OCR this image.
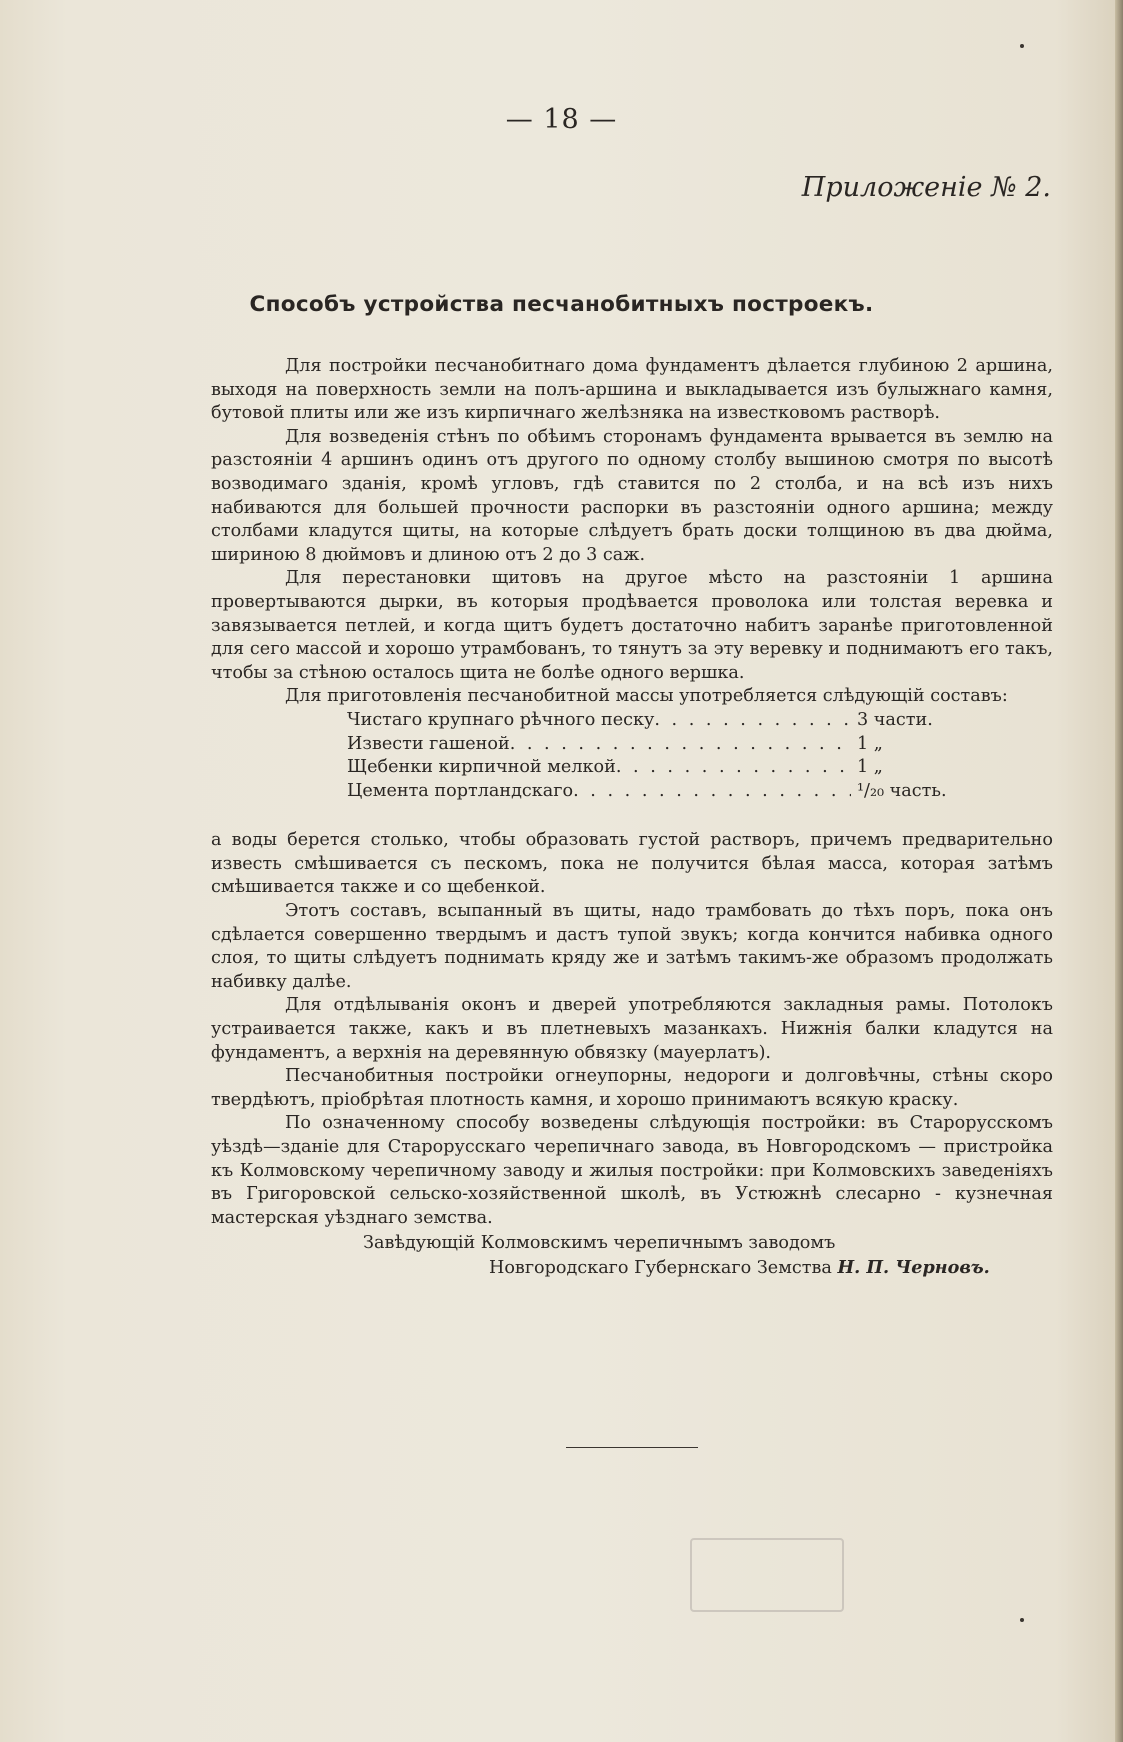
— 18 —
Приложеніе № 2.
Способъ устройства песчанобитныхъ построекъ.

Для постройки песчанобитнаго дома фундаментъ дѣлается глубиною 2 аршина, выходя на поверхность земли на полъ-аршина и выкладывается изъ булыжнаго камня, бутовой плиты или же изъ кирпичнаго желѣзняка на известковомъ растворѣ.

Для возведенія стѣнъ по обѣимъ сторонамъ фундамента врывается въ землю на разстояніи 4 аршинъ одинъ отъ другого по одному столбу вышиною смотря по высотѣ возводимаго зданія, кромѣ угловъ, гдѣ ставится по 2 столба, и на всѣ изъ нихъ набиваются для большей прочности распорки въ разстояніи одного аршина; между столбами кладутся щиты, на которые слѣдуетъ брать доски толщиною въ два дюйма, шириною 8 дюймовъ и длиною отъ 2 до 3 саж.

Для перестановки щитовъ на другое мѣсто на разстояніи 1 аршина провертываются дырки, въ которыя продѣвается проволока или толстая веревка и завязывается петлей, и когда щитъ будетъ достаточно набитъ заранѣе приготовленной для сего массой и хорошо утрамбованъ, то тянутъ за эту веревку и поднимаютъ его такъ, чтобы за стѣною осталось щита не болѣе одного вершка.

Для приготовленія песчанобитной массы употребляется слѣдующій составъ:

Чистаго крупнаго рѣчного песку . . .	3 части.
Извести гашеной . . .	1 „
Щебенки кирпичной мелкой . . .	1 „
Цемента портландскаго . . .	¹/₂₀ часть.

а воды берется столько, чтобы образовать густой растворъ, причемъ предварительно известь смѣшивается съ пескомъ, пока не получится бѣлая масса, которая затѣмъ смѣшивается также и со щебенкой.

Этотъ составъ, всыпанный въ щиты, надо трамбовать до тѣхъ поръ, пока онъ сдѣлается совершенно твердымъ и дастъ тупой звукъ; когда кончится набивка одного слоя, то щиты слѣдуетъ поднимать кряду же и затѣмъ такимъ-же образомъ продолжать набивку далѣе.

Для отдѣлыванія оконъ и дверей употребляются закладныя рамы. Потолокъ устраивается также, какъ и въ плетневыхъ мазанкахъ. Нижнія балки кладутся на фундаментъ, а верхнія на деревянную обвязку (мауерлатъ).

Песчанобитныя постройки огнеупорны, недороги и долговѣчны, стѣны скоро твердѣютъ, пріобрѣтая плотность камня, и хорошо принимаютъ всякую краску.

По означенному способу возведены слѣдующія постройки: въ Старорусскомъ уѣздѣ—зданіе для Старорусскаго черепичнаго завода, въ Новгородскомъ — пристройка къ Колмовскому черепичному заводу и жилыя постройки: при Колмовскихъ заведеніяхъ въ Григоровской сельско-хозяйственной школѣ, въ Устюжнѣ слесарно - кузнечная мастерская уѣзднаго земства.

Завѣдующій Колмовскимъ черепичнымъ заводомъ
Новгородскаго Губернскаго Земства Н. П. Черновъ.
